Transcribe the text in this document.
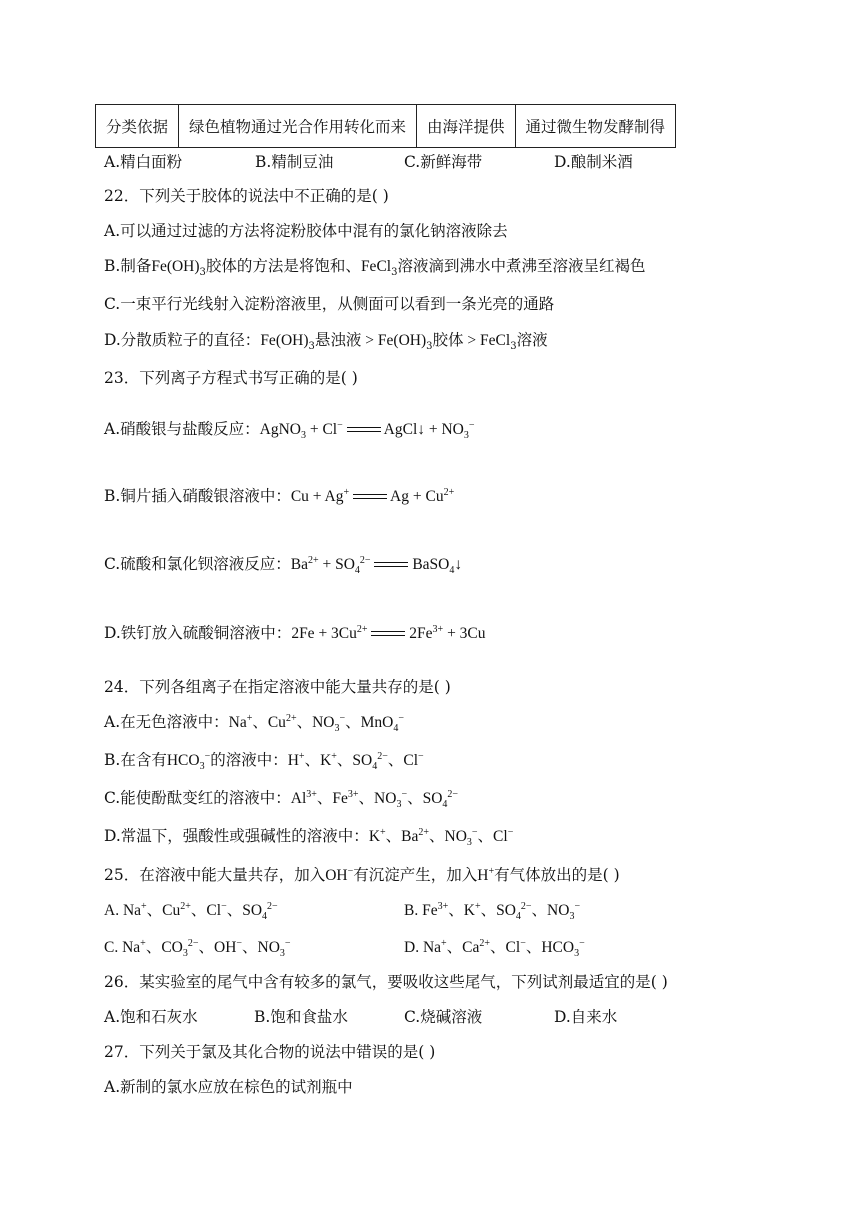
分类依据	绿色植物通过光合作用转化而来	由海洋提供	通过微生物发酵制得
A.精白面粉	B.精制豆油	C.新鲜海带	D.酿制米酒
22．下列关于胶体的说法中不正确的是( )
A.可以通过过滤的方法将淀粉胶体中混有的氯化钠溶液除去
B.制备$Fe(OH)_3$胶体的方法是将饱和、FeCl$_3$溶液滴到沸水中煮沸至溶液呈红褐色
C.一束平行光线射入淀粉溶液里，从侧面可以看到一条光亮的通路
D.分散质粒子的直径：$Fe(OH)_3$悬浊液 > $Fe(OH)_3$胶体 > FeCl$_3$溶液
23．下列离子方程式书写正确的是( )
A.硝酸银与盐酸反应：AgNO$_3$ + Cl−	AgCl↓ + $NO_3^-$
B.铜片插入硝酸银溶液中：Cu + Ag+	$Ag + Cu^{2+}$
C.硫酸和氯化钡溶液反应：$Ba^{2+} + SO_4^{2-}$	BaSO$_4$↓
D.铁钉放入硫酸铜溶液中：$2Fe + 3Cu^{2+}$	$2Fe^{3+} + 3Cu$
24．下列各组离子在指定溶液中能大量共存的是( )
A.在无色溶液中：Na+、$Cu^{2+}$、$NO_3^-$、MnO$_4$−
B.在含有$HCO_3^-$的溶液中：H+、K+、$SO_4^{2-}$、Cl−
C.能使酚酞变红的溶液中：$Al^{3+}$、$Fe^{3+}$、$NO_3^-$、$SO_4^{2-}$
D.常温下，强酸性或强碱性的溶液中：K+、$Ba^{2+}$、$NO_3^-$、Cl−
25．在溶液中能大量共存，加入OH−有沉淀产生，加入H+有气体放出的是( )
A. Na+、$Cu^{2+}$、Cl−、$SO_4^{2-}$	B. $Fe^{3+}$、K+、$SO_4^{2-}$、$NO_3^-$
C. Na+、$CO_3^{2-}$、OH−、$NO_3^-$	D. Na+、$Ca^{2+}$、Cl−、$HCO_3^-$
26．某实验室的尾气中含有较多的氯气，要吸收这些尾气，下列试剂最适宜的是( )
A.饱和石灰水	B.饱和食盐水	C.烧碱溶液	D.自来水
27．下列关于氯及其化合物的说法中错误的是( )
A.新制的氯水应放在棕色的试剂瓶中
